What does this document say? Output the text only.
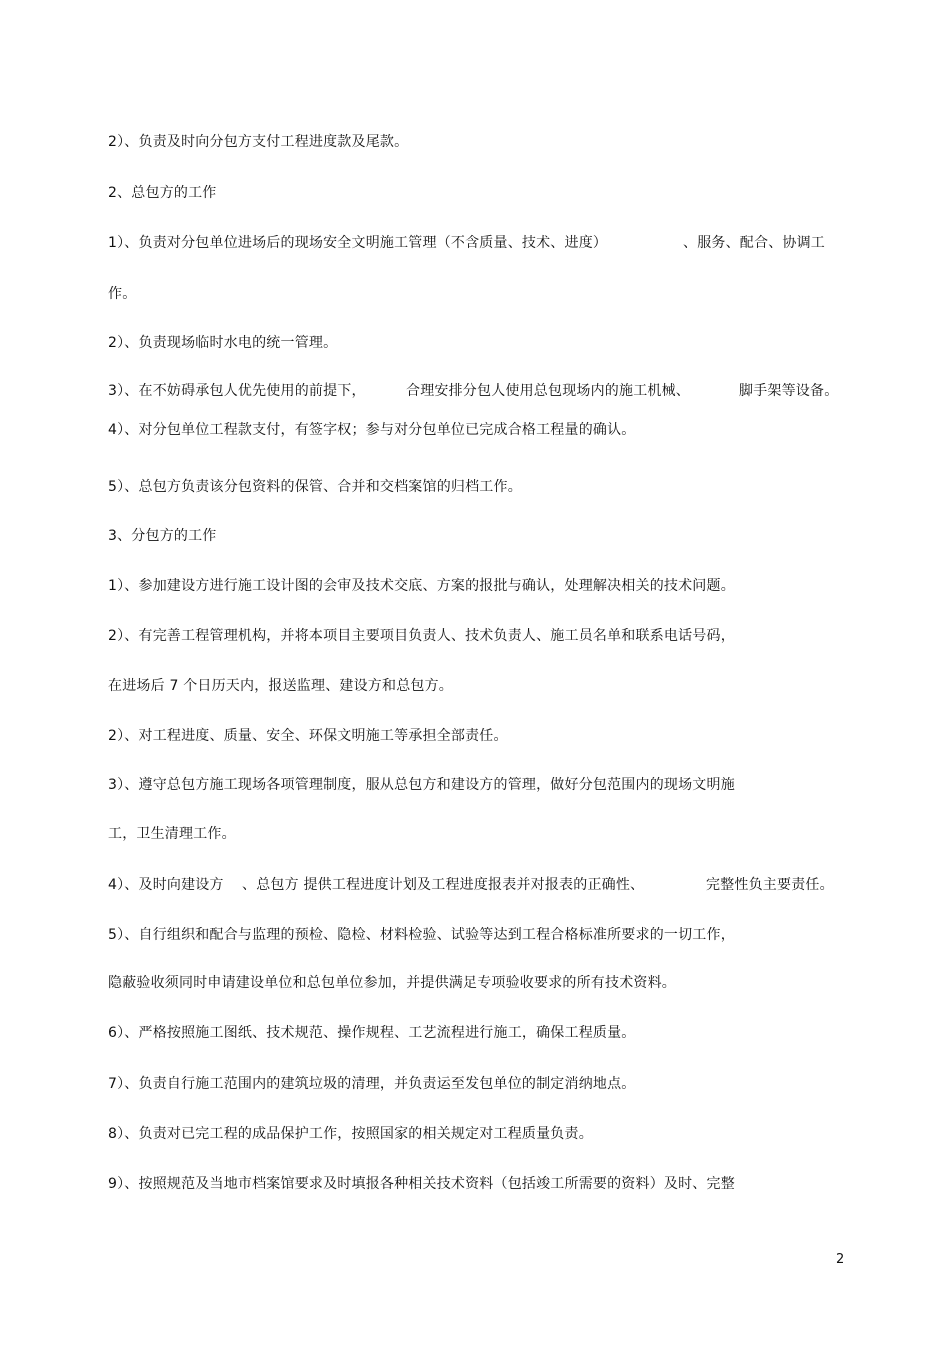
2）、负责及时向分包方支付工程进度款及尾款。
2、总包方的工作
1）、负责对分包单位进场后的现场安全文明施工管理（不含质量、技术、进度）	、服务、配合、协调工
作。
2）、负责现场临时水电的统一管理。
3）、在不妨碍承包人优先使用的前提下，	合理安排分包人使用总包现场内的施工机械、	脚手架等设备。
4）、对分包单位工程款支付，有签字权；参与对分包单位已完成合格工程量的确认。
5）、总包方负责该分包资料的保管、合并和交档案馆的归档工作。
3、分包方的工作
1）、参加建设方进行施工设计图的会审及技术交底、方案的报批与确认，处理解决相关的技术问题。
2）、有完善工程管理机构，并将本项目主要项目负责人、技术负责人、施工员名单和联系电话号码，
在进场后 7 个日历天内，报送监理、建设方和总包方。
2）、对工程进度、质量、安全、环保文明施工等承担全部责任。
3）、遵守总包方施工现场各项管理制度，服从总包方和建设方的管理，做好分包范围内的现场文明施
工，卫生清理工作。
4）、及时向建设方 、总包方 提供工程进度计划及工程进度报表并对报表的正确性、	完整性负主要责任。
5）、自行组织和配合与监理的预检、隐检、材料检验、试验等达到工程合格标准所要求的一切工作，
隐蔽验收须同时申请建设单位和总包单位参加，并提供满足专项验收要求的所有技术资料。
6）、严格按照施工图纸、技术规范、操作规程、工艺流程进行施工，确保工程质量。
7）、负责自行施工范围内的建筑垃圾的清理，并负责运至发包单位的制定消纳地点。
8）、负责对已完工程的成品保护工作，按照国家的相关规定对工程质量负责。
9）、按照规范及当地市档案馆要求及时填报各种相关技术资料（包括竣工所需要的资料）及时、完整
2
